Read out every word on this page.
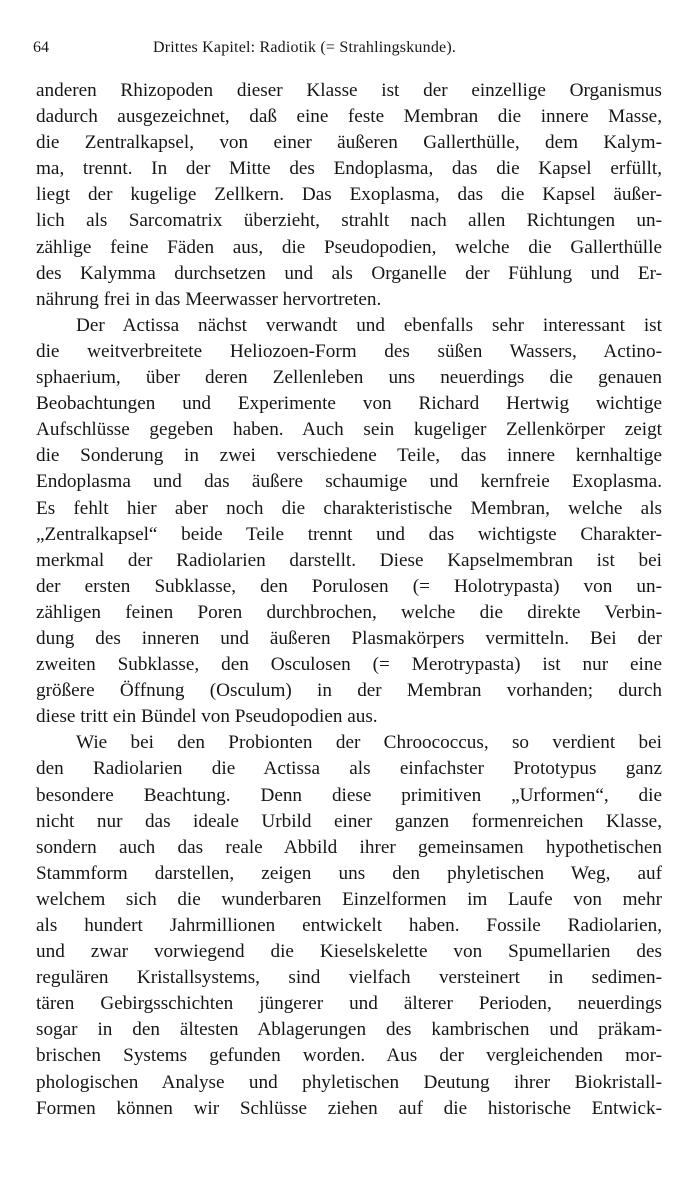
64	Drittes Kapitel: Radiotik (= Strahlingskunde).
anderen Rhizopoden dieser Klasse ist der einzellige Organismus
dadurch ausgezeichnet, daß eine feste Membran die innere Masse,
die Zentralkapsel, von einer äußeren Gallerthülle, dem Kalym-
ma, trennt. In der Mitte des Endoplasma, das die Kapsel erfüllt,
liegt der kugelige Zellkern. Das Exoplasma, das die Kapsel äußer-
lich als Sarcomatrix überzieht, strahlt nach allen Richtungen un-
zählige feine Fäden aus, die Pseudopodien, welche die Gallerthülle
des Kalymma durchsetzen und als Organelle der Fühlung und Er-
nährung frei in das Meerwasser hervortreten.
Der Actissa nächst verwandt und ebenfalls sehr interessant ist
die weitverbreitete Heliozoen-Form des süßen Wassers, Actino-
sphaerium, über deren Zellenleben uns neuerdings die genauen
Beobachtungen und Experimente von Richard Hertwig wichtige
Aufschlüsse gegeben haben. Auch sein kugeliger Zellenkörper zeigt
die Sonderung in zwei verschiedene Teile, das innere kernhaltige
Endoplasma und das äußere schaumige und kernfreie Exoplasma.
Es fehlt hier aber noch die charakteristische Membran, welche als
„Zentralkapsel“ beide Teile trennt und das wichtigste Charakter-
merkmal der Radiolarien darstellt. Diese Kapselmembran ist bei
der ersten Subklasse, den Porulosen (= Holotrypasta) von un-
zähligen feinen Poren durchbrochen, welche die direkte Verbin-
dung des inneren und äußeren Plasmakörpers vermitteln. Bei der
zweiten Subklasse, den Osculosen (= Merotrypasta) ist nur eine
größere Öffnung (Osculum) in der Membran vorhanden; durch
diese tritt ein Bündel von Pseudopodien aus.
Wie bei den Probionten der Chroococcus, so verdient bei
den Radiolarien die Actissa als einfachster Prototypus ganz
besondere Beachtung. Denn diese primitiven „Urformen“, die
nicht nur das ideale Urbild einer ganzen formenreichen Klasse,
sondern auch das reale Abbild ihrer gemeinsamen hypothetischen
Stammform darstellen, zeigen uns den phyletischen Weg, auf
welchem sich die wunderbaren Einzelformen im Laufe von mehr
als hundert Jahrmillionen entwickelt haben. Fossile Radiolarien,
und zwar vorwiegend die Kieselskelette von Spumellarien des
regulären Kristallsystems, sind vielfach versteinert in sedimen-
tären Gebirgsschichten jüngerer und älterer Perioden, neuerdings
sogar in den ältesten Ablagerungen des kambrischen und präkam-
brischen Systems gefunden worden. Aus der vergleichenden mor-
phologischen Analyse und phyletischen Deutung ihrer Biokristall-
Formen können wir Schlüsse ziehen auf die historische Entwick-
